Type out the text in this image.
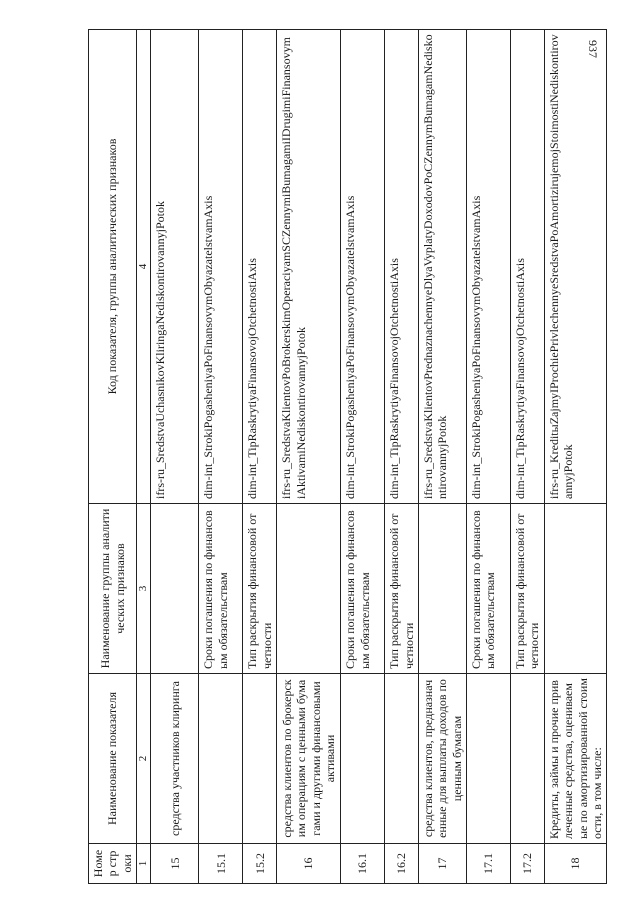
937
Номер строки	Наименование показателя	Наименование группы аналитических признаков	Код показателя, группы аналитических признаков
1	2	3	4
15	средства участников клиринга		ifrs-ru_SredstvaUchasnikovKliringaNediskontirovannyjPotok
15.1		Сроки погашения по финансовым обязательствам	dim-int_StrokiPogasheniyaPoFinansovymObyazatelstvamAxis
15.2		Тип раскрытия финансовой отчетности	dim-int_TipRaskrytiyaFinansovojOtchetnostiAxis
16	средства клиентов по брокерским операциям с ценными бумагами и другими финансовыми активами		ifrs-ru_SredstvaKlientovPoBrokerskimOperaciyamSCZennymiBumagamiIDrugimiFinansovymiAktivamiNediskontirovannyjPotok
16.1		Сроки погашения по финансовым обязательствам	dim-int_StrokiPogasheniyaPoFinansovymObyazatelstvamAxis
16.2		Тип раскрытия финансовой отчетности	dim-int_TipRaskrytiyaFinansovojOtchetnostiAxis
17	средства клиентов, предназначенные для выплаты доходов по ценным бумагам		ifrs-ru_SredstvaKlientovPrednaznachennyeDlyaVyplatyDoxodovPoCZennymBumagamNediskontirovannyjPotok
17.1		Сроки погашения по финансовым обязательствам	dim-int_StrokiPogasheniyaPoFinansovymObyazatelstvamAxis
17.2		Тип раскрытия финансовой отчетности	dim-int_TipRaskrytiyaFinansovojOtchetnostiAxis
18	Кредиты, займы и прочие привлеченные средства, оцениваемые по амортизированной стоимости, в том числе:		ifrs-ru_KreditыZajmyIProchiePrivlechennyeSredstvaPoAmortizirujemojStoimostiNediskontirovannyjPotok
